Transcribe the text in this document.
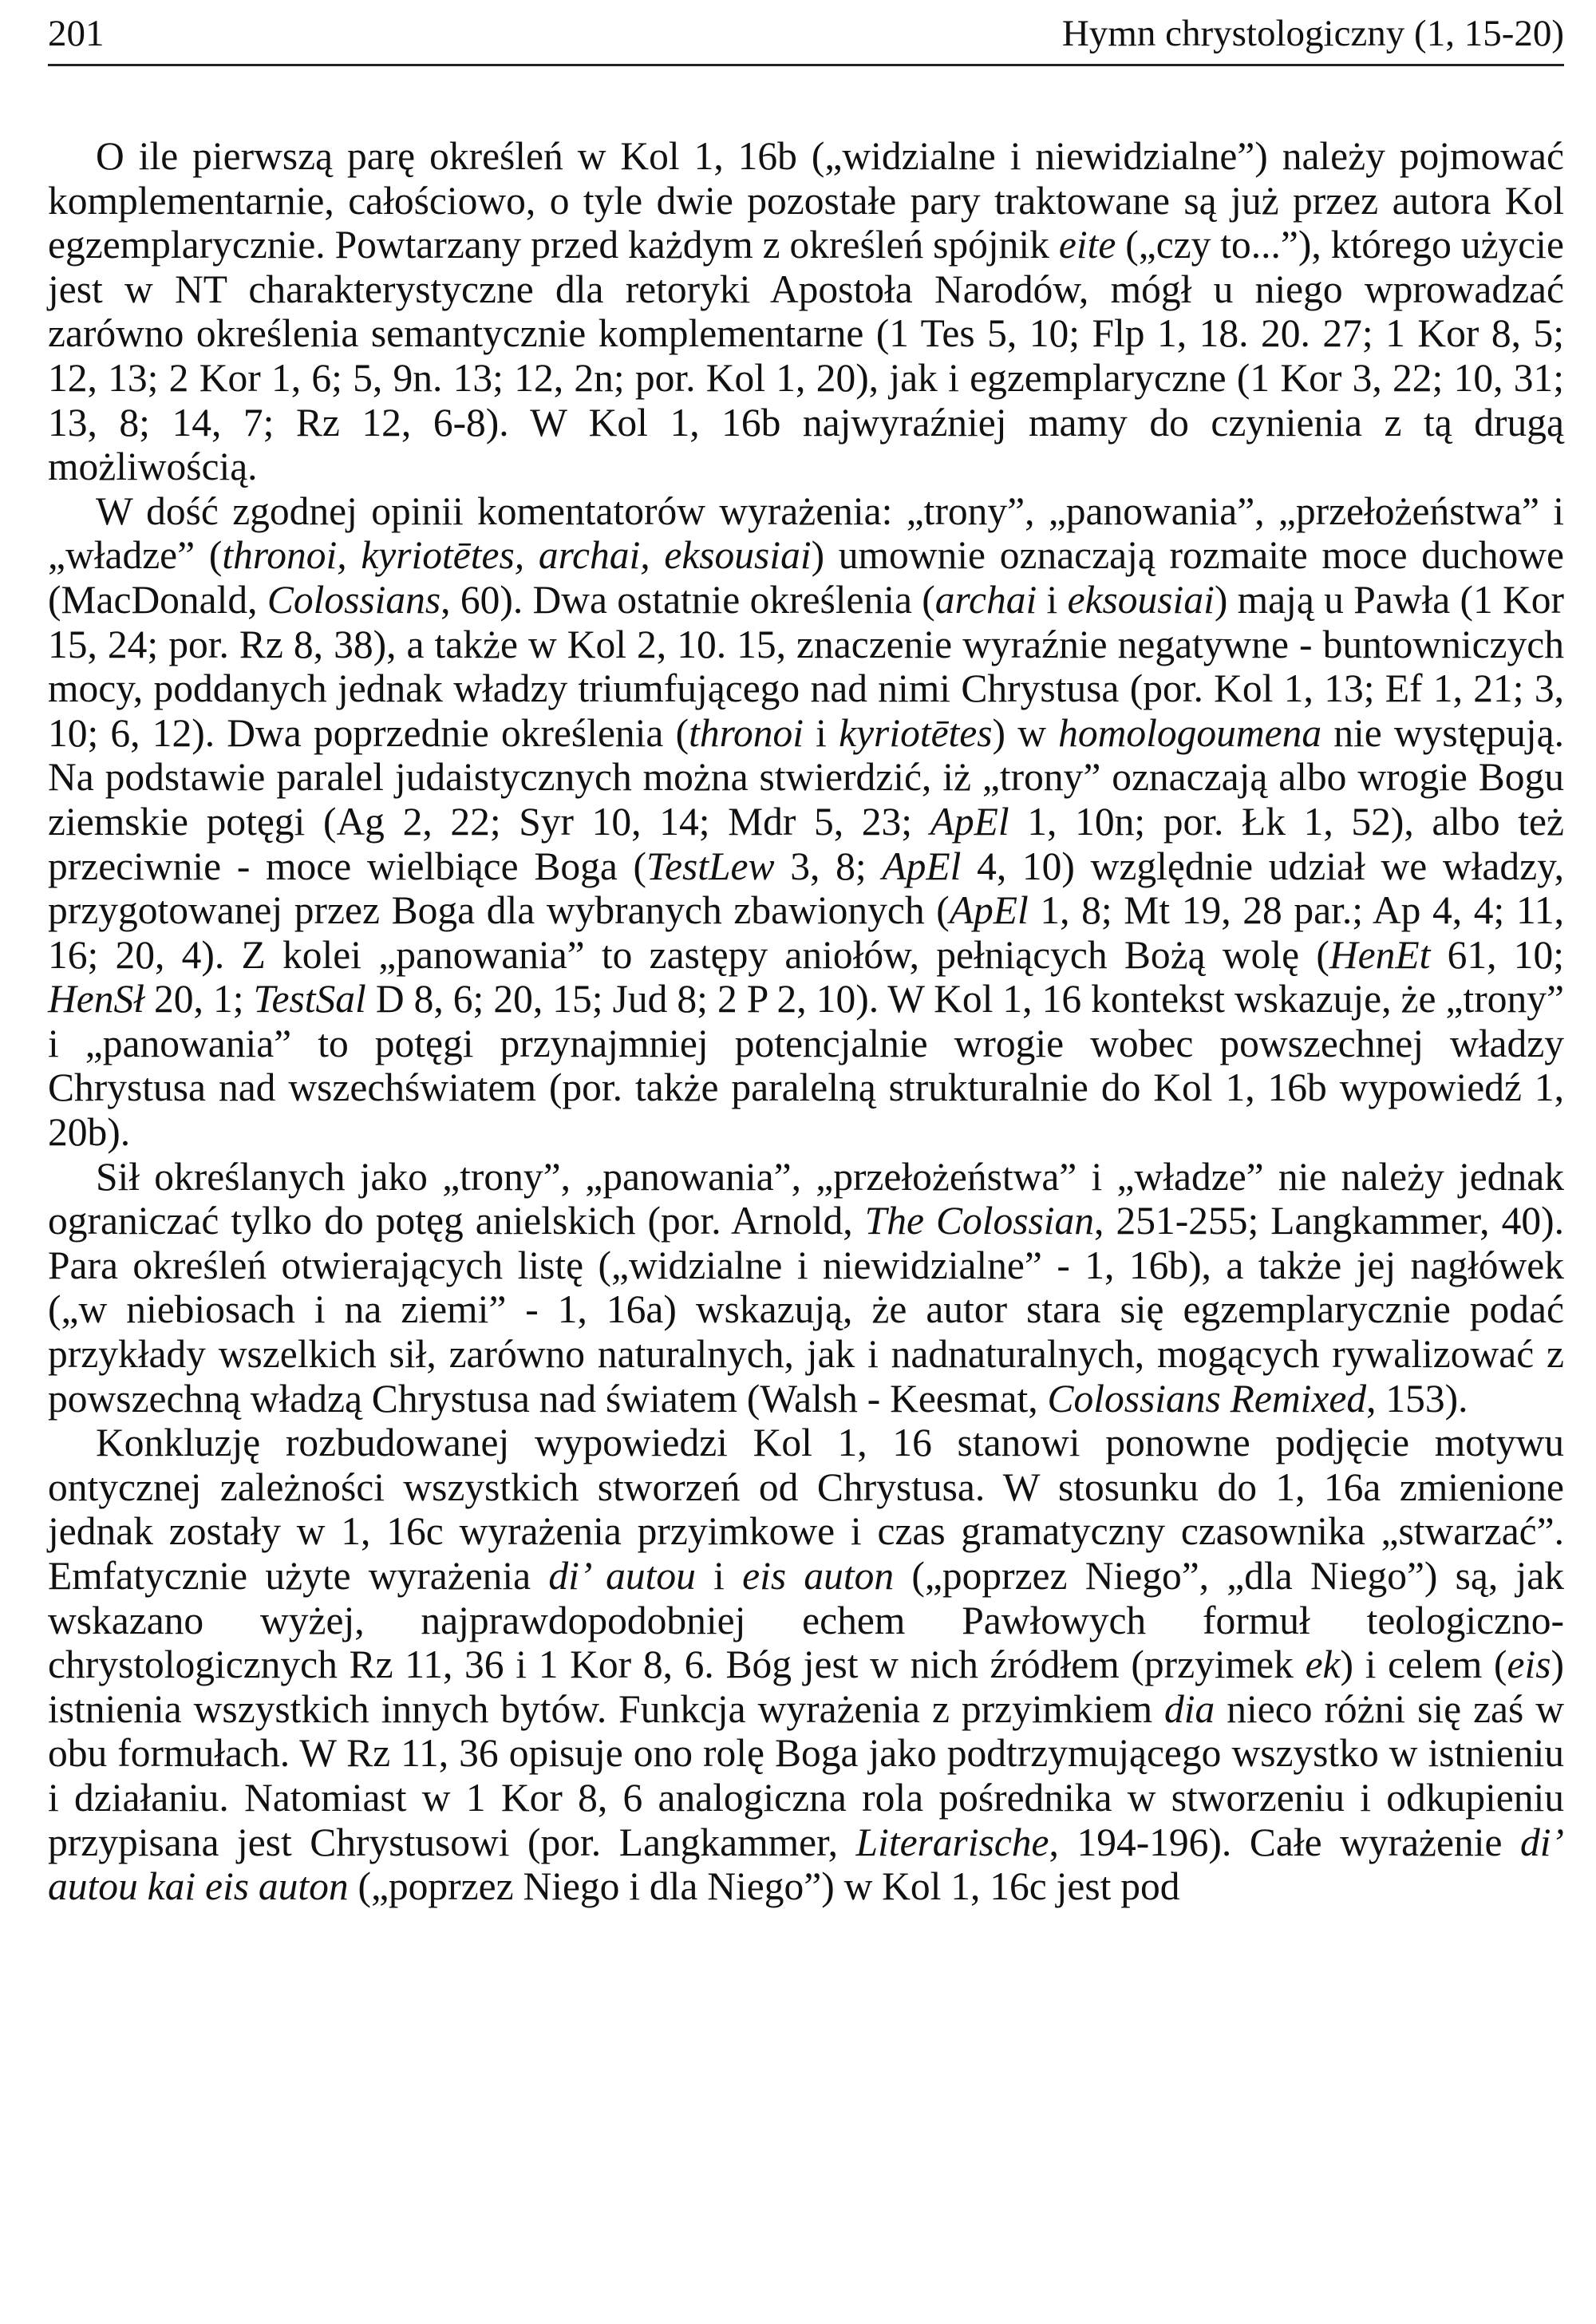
201	Hymn chrystologiczny (1, 15-20)

O ile pierwszą parę określeń w Kol 1, 16b („widzialne i niewidzialne”) należy pojmować komplementarnie, całościowo, o tyle dwie pozostałe pary traktowane są już przez autora Kol egzemplarycznie. Powtarzany przed każdym z określeń spójnik eite („czy to...”), którego użycie jest w NT charakterystyczne dla retoryki Apostoła Narodów, mógł u niego wprowadzać zarówno określenia semantycznie komplementarne (1 Tes 5, 10; Flp 1, 18. 20. 27; 1 Kor 8, 5; 12, 13; 2 Kor 1, 6; 5, 9n. 13; 12, 2n; por. Kol 1, 20), jak i egzemplaryczne (1 Kor 3, 22; 10, 31; 13, 8; 14, 7; Rz 12, 6-8). W Kol 1, 16b najwyraźniej mamy do czynienia z tą drugą możliwością.

W dość zgodnej opinii komentatorów wyrażenia: „trony”, „panowania”, „przełożeństwa” i „władze” (thronoi, kyriotētes, archai, eksousiai) umownie oznaczają rozmaite moce duchowe (MacDonald, Colossians, 60). Dwa ostatnie określenia (archai i eksousiai) mają u Pawła (1 Kor 15, 24; por. Rz 8, 38), a także w Kol 2, 10. 15, znaczenie wyraźnie negatywne - buntowniczych mocy, poddanych jednak władzy triumfującego nad nimi Chrystusa (por. Kol 1, 13; Ef 1, 21; 3, 10; 6, 12). Dwa poprzednie określenia (thronoi i kyriotētes) w homologoumena nie występują. Na podstawie paralel judaistycznych można stwierdzić, iż „trony” oznaczają albo wrogie Bogu ziemskie potęgi (Ag 2, 22; Syr 10, 14; Mdr 5, 23; ApEl 1, 10n; por. Łk 1, 52), albo też przeciwnie - moce wielbiące Boga (TestLew 3, 8; ApEl 4, 10) względnie udział we władzy, przygotowanej przez Boga dla wybranych zbawionych (ApEl 1, 8; Mt 19, 28 par.; Ap 4, 4; 11, 16; 20, 4). Z kolei „panowania” to zastępy aniołów, pełniących Bożą wolę (HenEt 61, 10; HenSł 20, 1; TestSal D 8, 6; 20, 15; Jud 8; 2 P 2, 10). W Kol 1, 16 kontekst wskazuje, że „trony” i „panowania” to potęgi przynajmniej potencjalnie wrogie wobec powszechnej władzy Chrystusa nad wszechświatem (por. także paralelną strukturalnie do Kol 1, 16b wypowiedź 1, 20b).

Sił określanych jako „trony”, „panowania”, „przełożeństwa” i „władze” nie należy jednak ograniczać tylko do potęg anielskich (por. Arnold, The Colossian, 251-255; Langkammer, 40). Para określeń otwierających listę („widzialne i niewidzialne” - 1, 16b), a także jej nagłówek („w niebiosach i na ziemi” - 1, 16a) wskazują, że autor stara się egzemplarycznie podać przykłady wszelkich sił, zarówno naturalnych, jak i nadnaturalnych, mogących rywalizować z powszechną władzą Chrystusa nad światem (Walsh - Keesmat, Colossians Remixed, 153).

Konkluzję rozbudowanej wypowiedzi Kol 1, 16 stanowi ponowne podjęcie motywu ontycznej zależności wszystkich stworzeń od Chrystusa. W stosunku do 1, 16a zmienione jednak zostały w 1, 16c wyrażenia przyimkowe i czas gramatyczny czasownika „stwarzać”. Emfatycznie użyte wyrażenia di’ autou i eis auton („poprzez Niego”, „dla Niego”) są, jak wskazano wyżej, najprawdopodobniej echem Pawłowych formuł teologiczno-chrystologicznych Rz 11, 36 i 1 Kor 8, 6. Bóg jest w nich źródłem (przyimek ek) i celem (eis) istnienia wszystkich innych bytów. Funkcja wyrażenia z przyimkiem dia nieco różni się zaś w obu formułach. W Rz 11, 36 opisuje ono rolę Boga jako podtrzymującego wszystko w istnieniu i działaniu. Natomiast w 1 Kor 8, 6 analogiczna rola pośrednika w stworzeniu i odkupieniu przypisana jest Chrystusowi (por. Langkammer, Literarische, 194-196). Całe wyrażenie di’ autou kai eis auton („poprzez Niego i dla Niego”) w Kol 1, 16c jest pod
